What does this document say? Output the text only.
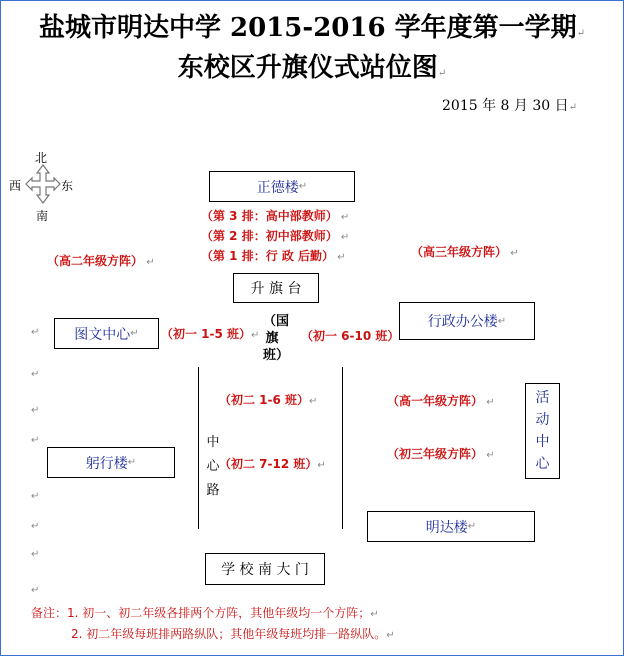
盐城市明达中学 2015-2016 学年度第一学期↵
东校区升旗仪式站位图↵
2015 年 8 月 30 日↵
北
西	东
南
正德楼 ↵
（第 3 排：高中部教师） ↵
（第 2 排：初中部教师） ↵
（第 1 排：行 政 后勤） ↵
（高二年级方阵） ↵
（高三年级方阵） ↵
升 旗 台
图文中心 ↵ （初一 1-5 班）↵
（国旗班）
（初一 6-10 班）
行政办公楼 ↵
（初二 1-6 班）↵
（初二 7-12 班）↵
中心路
（高一年级方阵） ↵
（初三年级方阵） ↵
躬行楼 ↵
活动中心
明达楼 ↵
学 校 南 大 门
↵
↵
↵
↵
↵
↵
↵
↵
备注：1. 初一、初二年级各排两个方阵，其他年级均一个方阵；↵
2. 初二年级每班排两路纵队；其他年级每班均排一路纵队。↵
